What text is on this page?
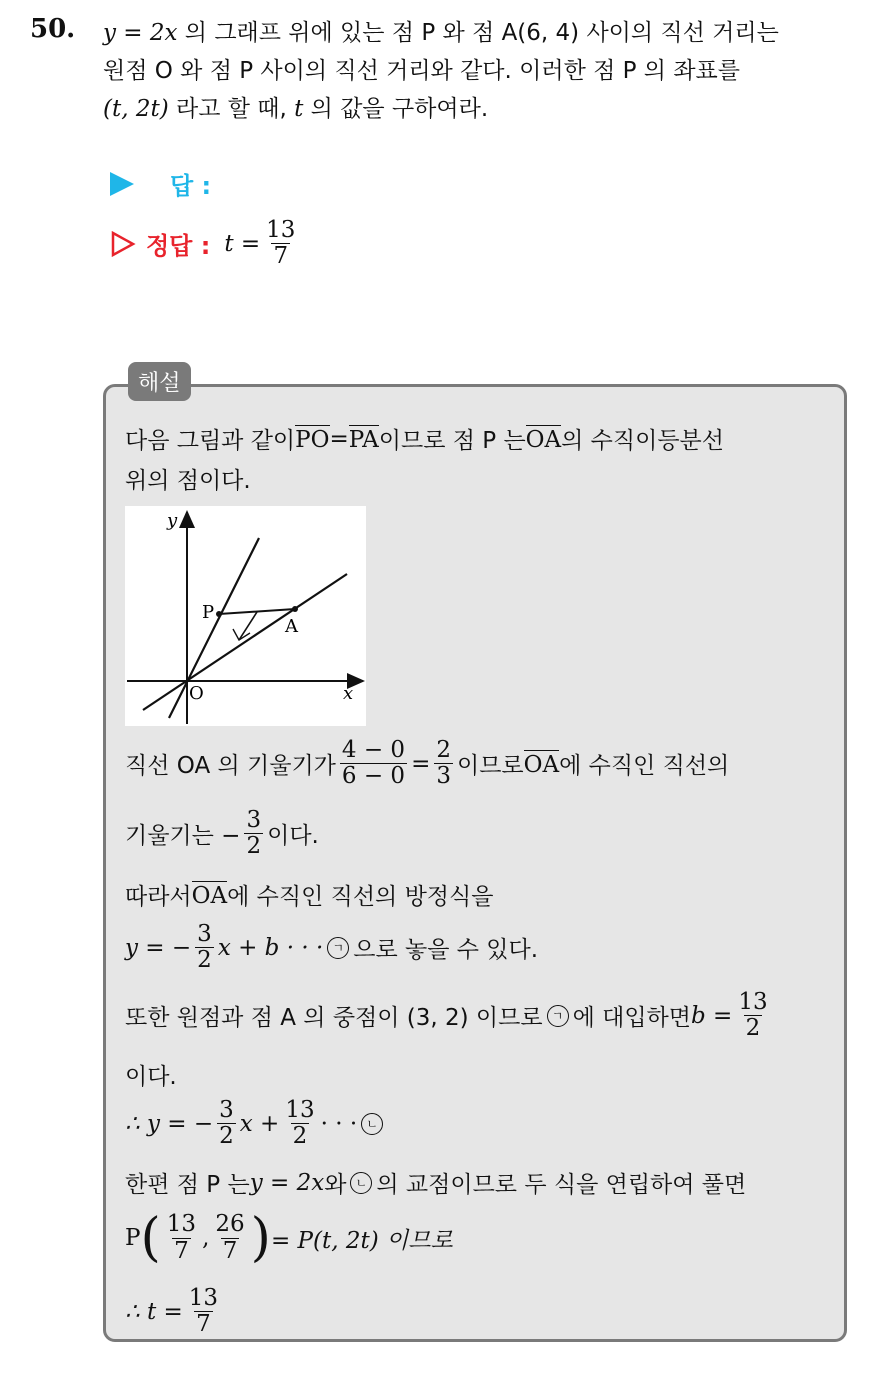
50. y = 2x 의 그래프 위에 있는 점 P 와 점 A(6, 4) 사이의 직선 거리는
원점 O 와 점 P 사이의 직선 거리와 같다. 이러한 점 P 의 좌표를
(t, 2t) 라고 할 때, t 의 값을 구하여라.
답 :
정답 : $t = \frac{13}{7}$
해설
다음 그림과 같이 PO = PA 이므로 점 P 는 OA 의 수직이등분선
위의 점이다.
직선 OA 의 기울기가 $\frac{4 - 0}{6 - 0} = \frac{2}{3}$ 이므로 OA 에 수직인 직선의
기울기는 − $\frac{3}{2}$ 이다.
따라서 OA 에 수직인 직선의 방정식을
y = − $\frac{3}{2}$ x + b · · · ㄱ 으로 놓을 수 있다.
또한 원점과 점 A 의 중점이 (3, 2) 이므로 ㄱ 에 대입하면 $b = \frac{13}{2}$
이다.
∴ y = − $\frac{3}{2}$ $x + \frac{13}{2}$ · · · ㄴ
한편 점 P 는 y = 2x 와 ㄴ 의 교점이므로 두 식을 연립하여 풀면
P ( $\frac{13}{7}$ , $\frac{26}{7}$ ) = P(t, 2t) 이므로
∴ $t = \frac{13}{7}$
y
x
O
P
A
